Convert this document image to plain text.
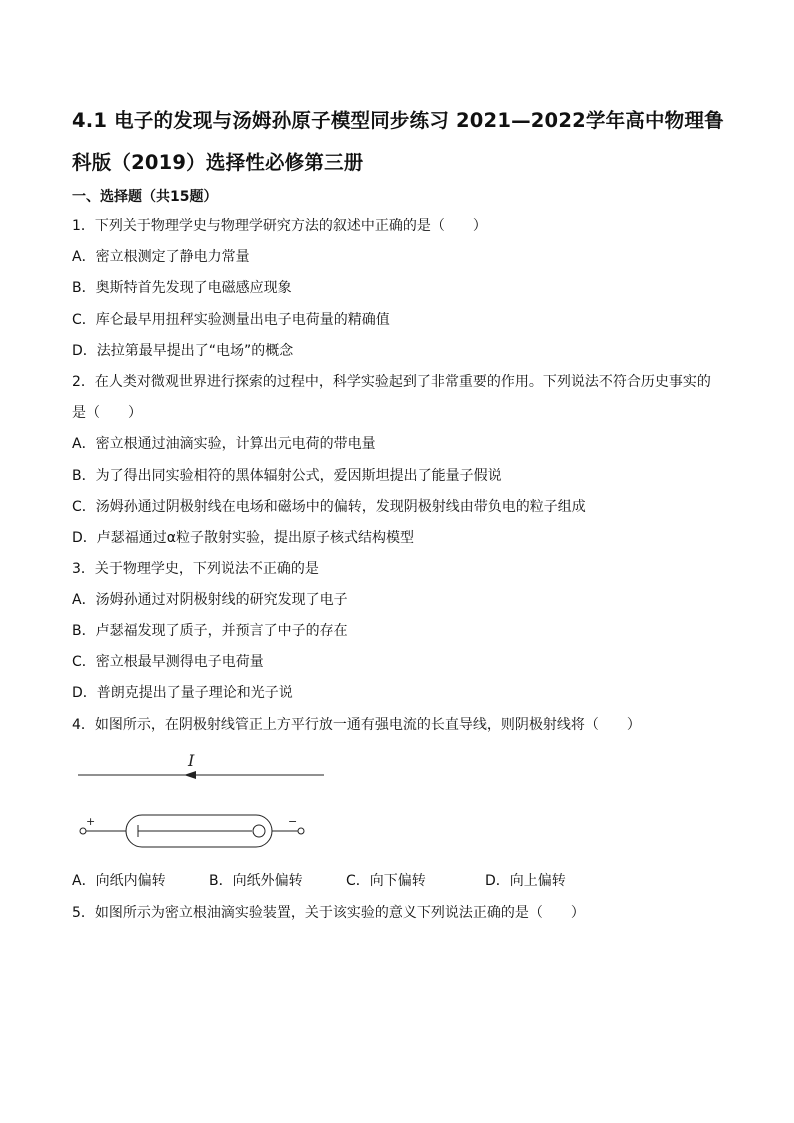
4.1 电子的发现与汤姆孙原子模型同步练习 2021—2022学年高中物理鲁科版（2019）选择性必修第三册
一、选择题（共15题）
1．下列关于物理学史与物理学研究方法的叙述中正确的是（　　）
A．密立根测定了静电力常量
B．奥斯特首先发现了电磁感应现象
C．库仑最早用扭秤实验测量出电子电荷量的精确值
D．法拉第最早提出了“电场”的概念
2．在人类对微观世界进行探索的过程中，科学实验起到了非常重要的作用。下列说法不符合历史事实的
是（　　）
A．密立根通过油滴实验，计算出元电荷的带电量
B．为了得出同实验相符的黑体辐射公式，爱因斯坦提出了能量子假说
C．汤姆孙通过阴极射线在电场和磁场中的偏转，发现阴极射线由带负电的粒子组成
D．卢瑟福通过α粒子散射实验，提出原子核式结构模型
3．关于物理学史，下列说法不正确的是
A．汤姆孙通过对阴极射线的研究发现了电子
B．卢瑟福发现了质子，并预言了中子的存在
C．密立根最早测得电子电荷量
D．普朗克提出了量子理论和光子说
4．如图所示，在阴极射线管正上方平行放一通有强电流的长直导线，则阴极射线将（　　）
I
+	−
A．向纸内偏转	B．向纸外偏转	C．向下偏转	D．向上偏转
5．如图所示为密立根油滴实验装置，关于该实验的意义下列说法正确的是（　　）
